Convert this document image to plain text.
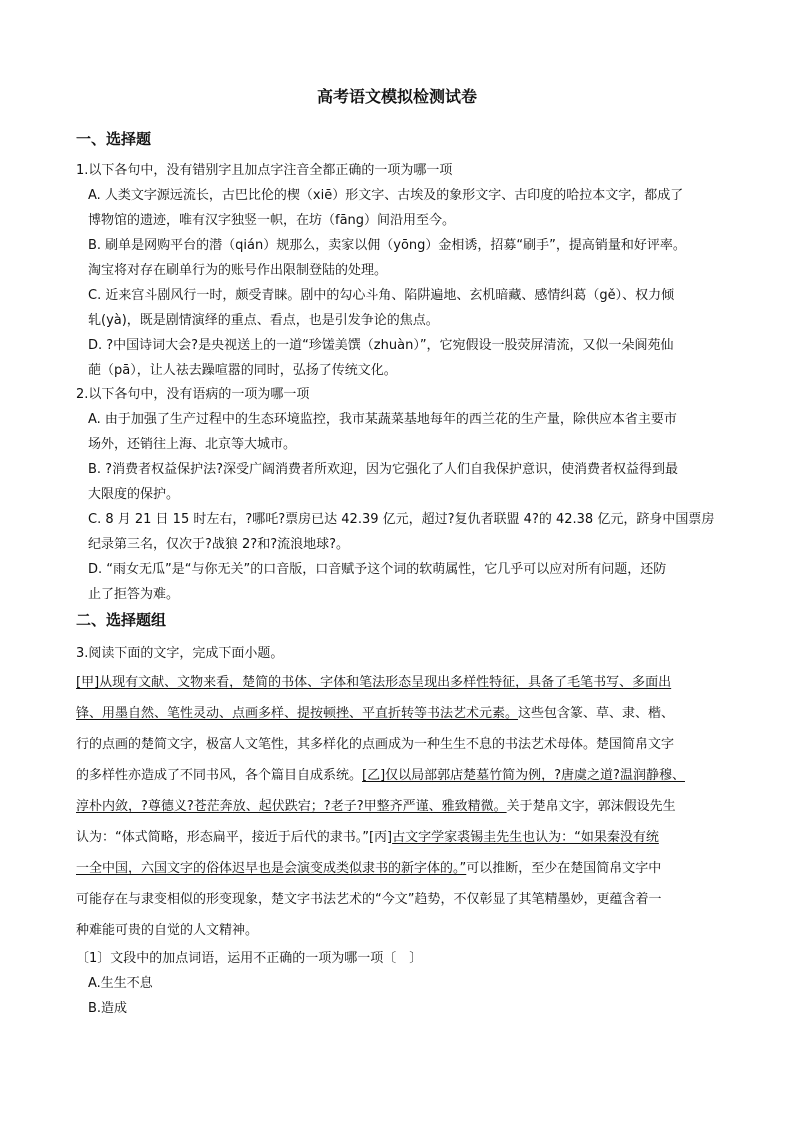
高考语文模拟检测试卷
一、选择题
1.以下各句中，没有错别字且加点字注音全都正确的一项为哪一项
A. 人类文字源远流长，古巴比伦的楔（xiē）形文字、古埃及的象形文字、古印度的哈拉本文字，都成了
博物馆的遗迹，唯有汉字独竖一帜，在坊（fāng）间沿用至今。
B. 刷单是网购平台的潜（qián）规那么，卖家以佣（yōng）金相诱，招募“刷手”，提高销量和好评率。
淘宝将对存在刷单行为的账号作出限制登陆的处理。
C. 近来宫斗剧风行一时，颇受青睐。剧中的勾心斗角、陷阱遍地、玄机暗藏、感情纠葛（gě）、权力倾
轧(yà)，既是剧情演绎的重点、看点，也是引发争论的焦点。
D. ?中国诗词大会?是央视送上的一道“珍馐美馔（zhuàn）”，它宛假设一股荧屏清流，又似一朵阆苑仙
葩（pā），让人祛去躁喧嚣的同时，弘扬了传统文化。
2.以下各句中，没有语病的一项为哪一项
A. 由于加强了生产过程中的生态环境监控，我市某蔬菜基地每年的西兰花的生产量，除供应本省主要市
场外，还销往上海、北京等大城市。
B. ?消费者权益保护法?深受广阔消费者所欢迎，因为它强化了人们自我保护意识，使消费者权益得到最
大限度的保护。
C. 8 月 21 日 15 时左右，?哪吒?票房已达 42.39 亿元，超过?复仇者联盟 4?的 42.38 亿元，跻身中国票房
纪录第三名，仅次于?战狼 2?和?流浪地球?。
D. “雨女无瓜”是“与你无关”的口音版，口音赋予这个词的软萌属性，它几乎可以应对所有问题，还防
止了拒答为难。
二、选择题组
3.阅读下面的文字，完成下面小题。
[甲]从现有文献、文物来看，楚简的书体、字体和笔法形态呈现出多样性特征，具备了毛笔书写、多面出
锋、用墨自然、笔性灵动、点画多样、提按顿挫、平直折转等书法艺术元素。这些包含篆、草、隶、楷、
行的点画的楚简文字，极富人文笔性，其多样化的点画成为一种生生不息的书法艺术母体。楚国简帛文字
的多样性亦造成了不同书风，各个篇目自成系统。[乙]仅以局部郭店楚墓竹简为例，?唐虞之道?温润静穆、
淳朴内敛，?尊德义?苍茫奔放、起伏跌宕；?老子?甲整齐严谨、雅致精微。关于楚帛文字，郭沫假设先生
认为：“体式简略，形态扁平，接近于后代的隶书。”[丙]古文字学家裘锡圭先生也认为：“如果秦没有统
一全中国，六国文字的俗体迟早也是会演变成类似隶书的新字体的。”可以推断，至少在楚国简帛文字中
可能存在与隶变相似的形变现象，楚文字书法艺术的“今文”趋势，不仅彰显了其笔精墨妙，更蕴含着一
种难能可贵的自觉的人文精神。
〔1〕文段中的加点词语，运用不正确的一项为哪一项〔　〕
A.生生不息
B.造成
